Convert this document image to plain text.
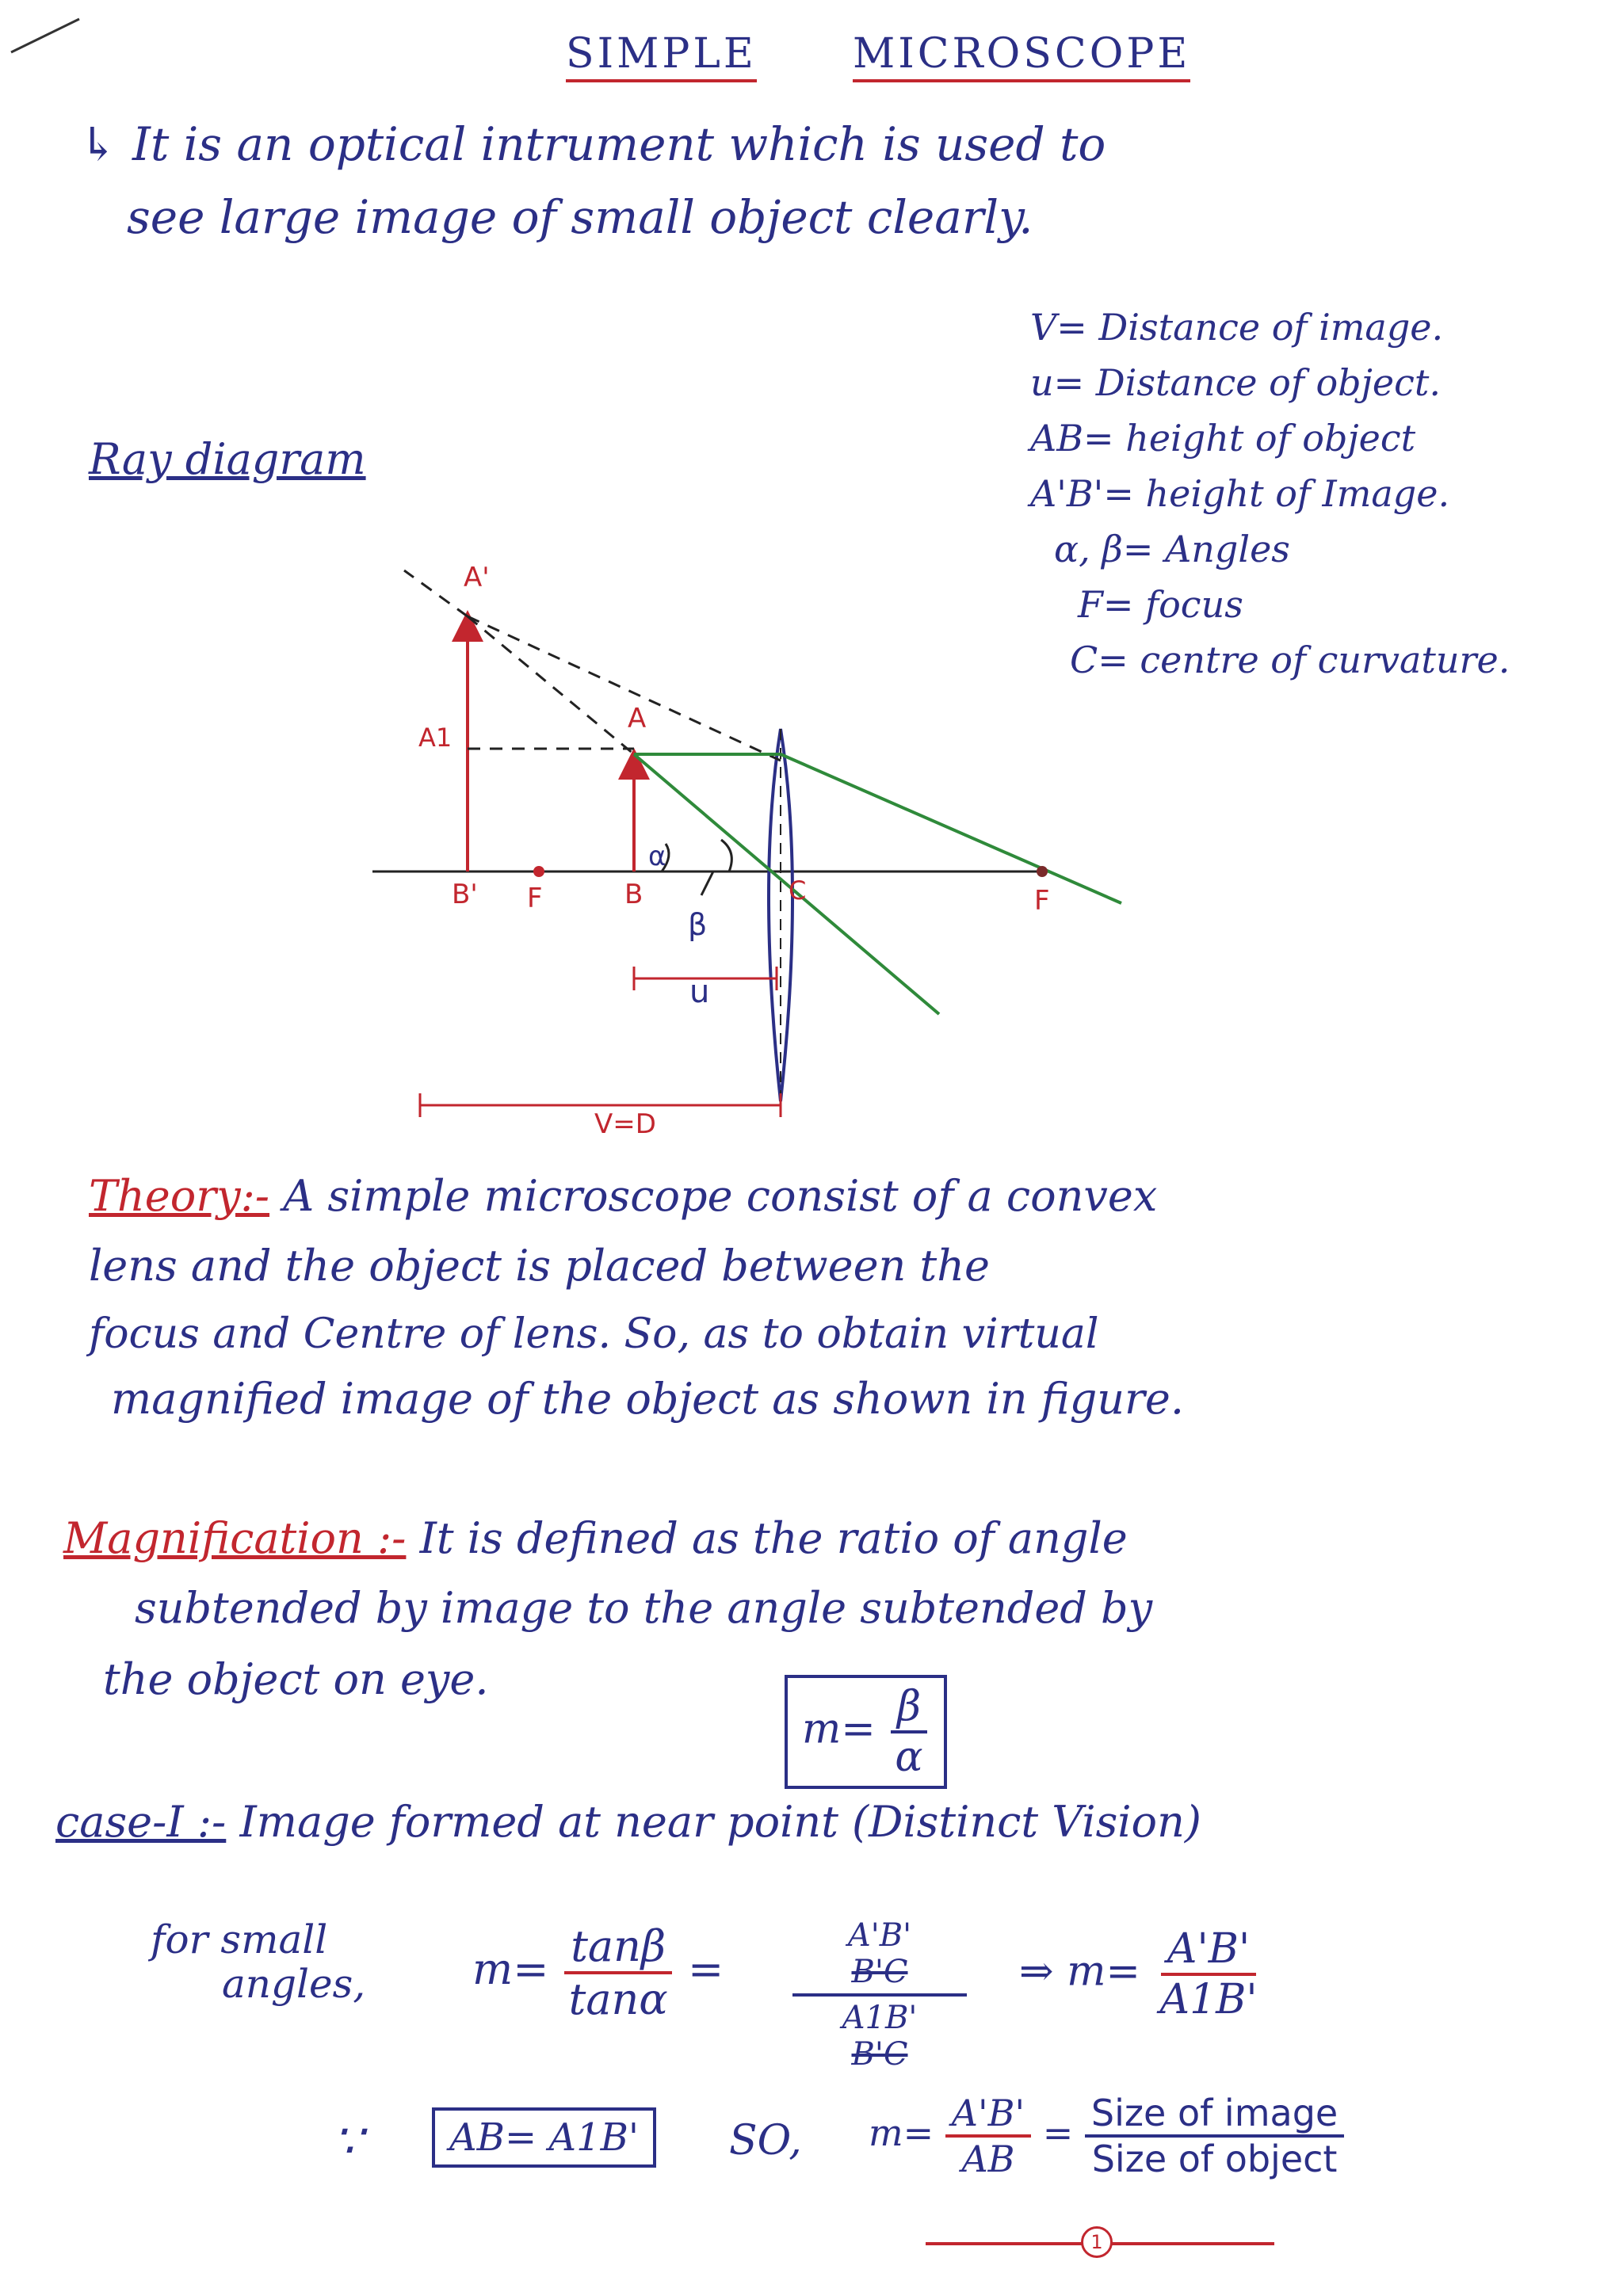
SIMPLE MICROSCOPE
↳ It is an optical intrument which is used to
see large image of small object clearly.
V= Distance of image.
u= Distance of object.
AB= height of object
A'B'= height of Image.
α, β= Angles
F= focus
C= centre of curvature.
Ray diagram
A'
A
A1
B' F	B	C	F
α
β
u
V=D
Theory:- A simple microscope consist of a convex
lens and the object is placed between the
focus and Centre of lens. So, as to obtain virtual
magnified image of the object as shown in figure.
Magnification :- It is defined as the ratio of angle
subtended by image to the angle subtended by
the object on eye.
$m= \frac{\beta}{\alpha}$
case-I :- Image formed at near point (Distinct Vision)
for small
angles, $m= \frac{\tan\beta}{\tan\alpha}$ =
A'B'
B'C
A1B'
B'C
⇒ $m= \frac{A'B'}{A1B'}$
∵	AB= A1B'	SO, $m= \frac{A'B'}{AB} = \frac{\text{Size of image}}{\text{Size of object}}$
1
